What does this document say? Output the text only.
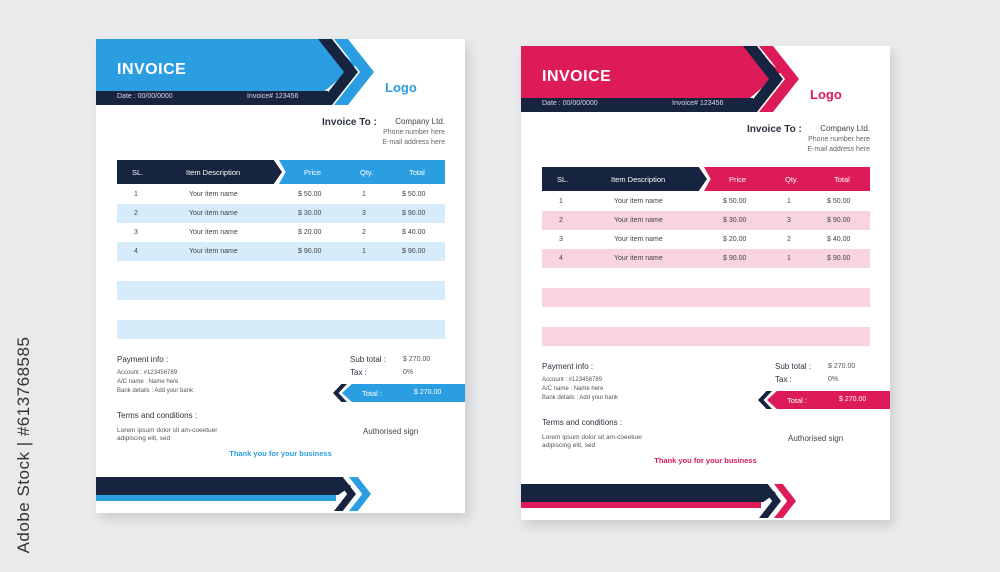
Adobe Stock | #613768585
INVOICE
Date : 00/00/0000	Invoice# 123456
Logo
Invoice To : Company Ltd.
Phone number here
E-mail address here
SL.	Item Description	Price	Qty.	Total
1	Your item name	$ 50.00	1	$ 50.00
2	Your item name	$ 30.00	3	$ 90.00
3	Your item name	$ 20.00	2	$ 40.00
4	Your item name	$ 90.00	1	$ 90.00
Payment info :
Account : #123456789
A/C name : Name here
Bank details : Add your bank
Sub total : $ 270.00
Tax :	0%
Total :	$ 270.00
Terms and conditions :
Lorem ipsum dolor sit am-coeetuer adipiscing elit, sed
Authorised sign
Thank you for your business
INVOICE
Date : 00/00/0000	Invoice# 123456
Logo
Invoice To : Company Ltd.
Phone number here
E-mail address here
SL.	Item Description	Price	Qty.	Total
1	Your item name	$ 50.00	1	$ 50.00
2	Your item name	$ 30.00	3	$ 90.00
3	Your item name	$ 20.00	2	$ 40.00
4	Your item name	$ 90.00	1	$ 90.00
Payment info :
Account : #123456789
A/C name : Name here
Bank details : Add your bank
Sub total : $ 270.00
Tax :	0%
Total :	$ 270.00
Terms and conditions :
Lorem ipsum dolor sit am-coeetuer adipiscing elit, sed
Authorised sign
Thank you for your business
